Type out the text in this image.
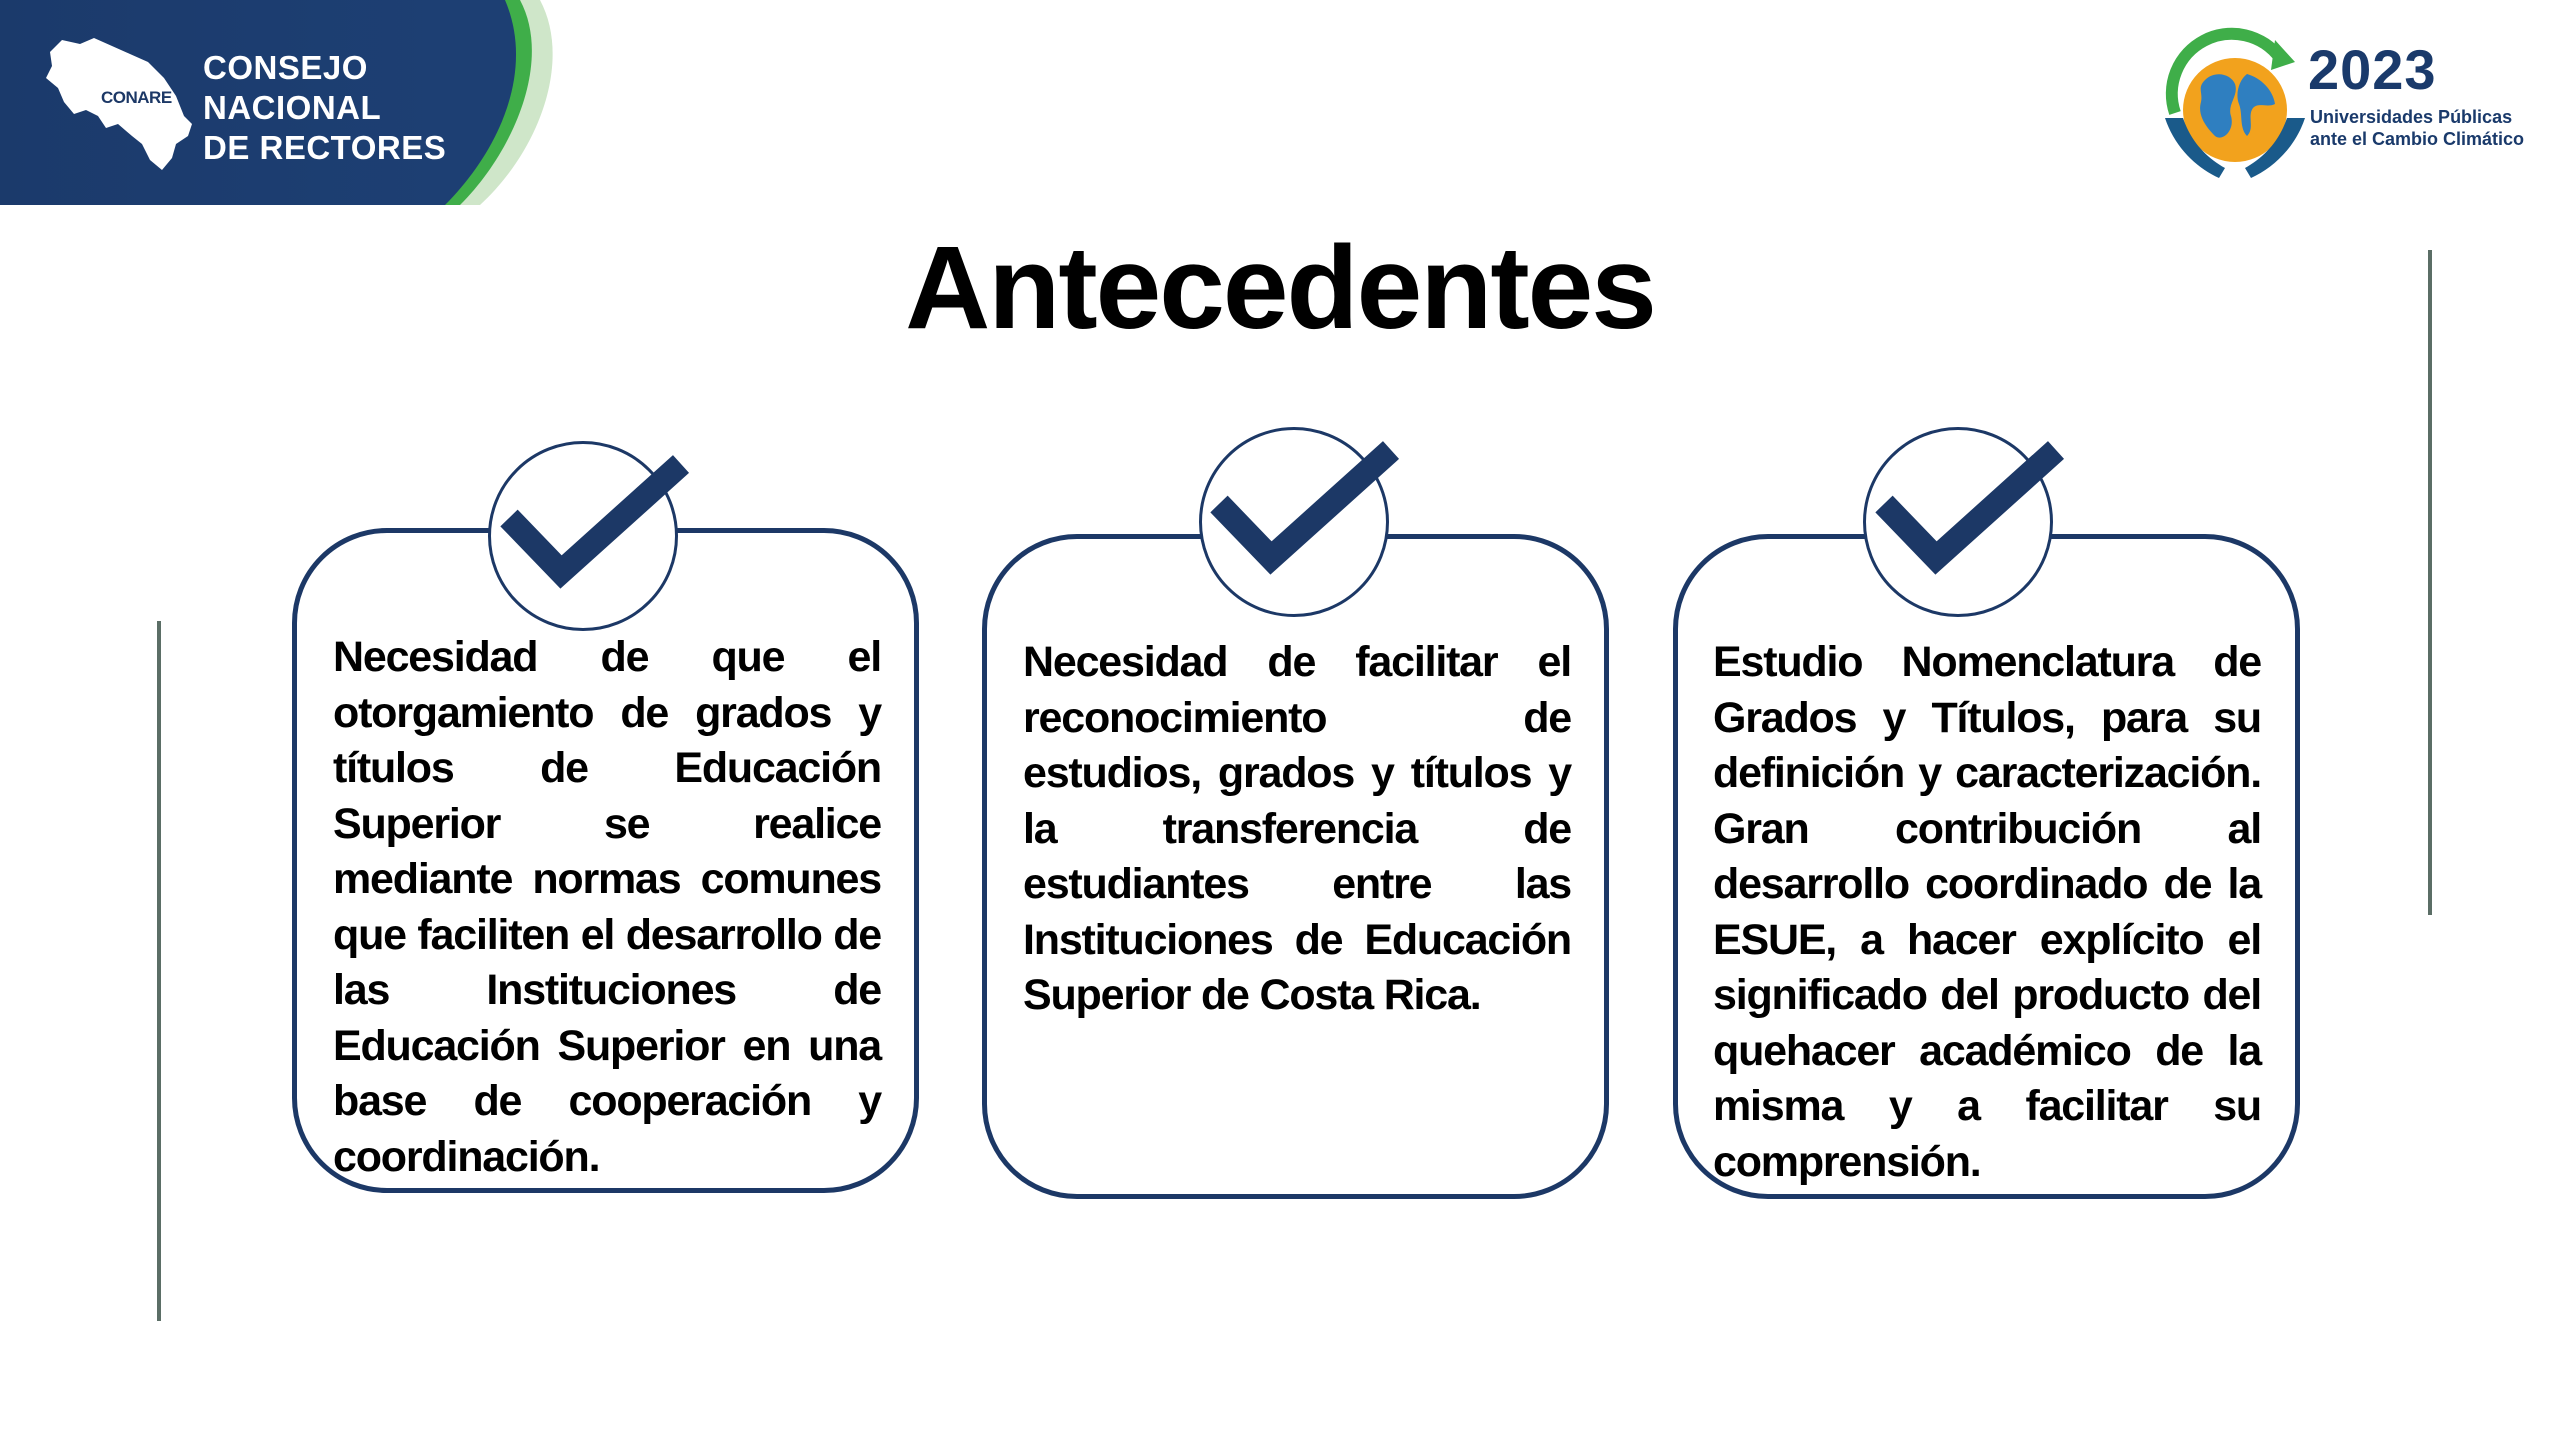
CONARE
CONSEJO
NACIONAL
DE RECTORES
2023
Universidades Públicas
ante el Cambio Climático
Antecedentes
Necesidad de que el otorgamiento de grados y títulos de Educación Superior se realice mediante normas comunes que faciliten el desarrollo de las Instituciones de Educación Superior en una base de cooperación y coordinación.
Necesidad de facilitar el reconocimiento de estudios, grados y títulos y la transferencia de estudiantes entre las Instituciones de Educación Superior de Costa Rica.
Estudio Nomenclatura de Grados y Títulos, para su definición y caracterización. Gran contribución al desarrollo coordinado de la ESUE, a hacer explícito el significado del producto del quehacer académico de la misma y a facilitar su comprensión.
